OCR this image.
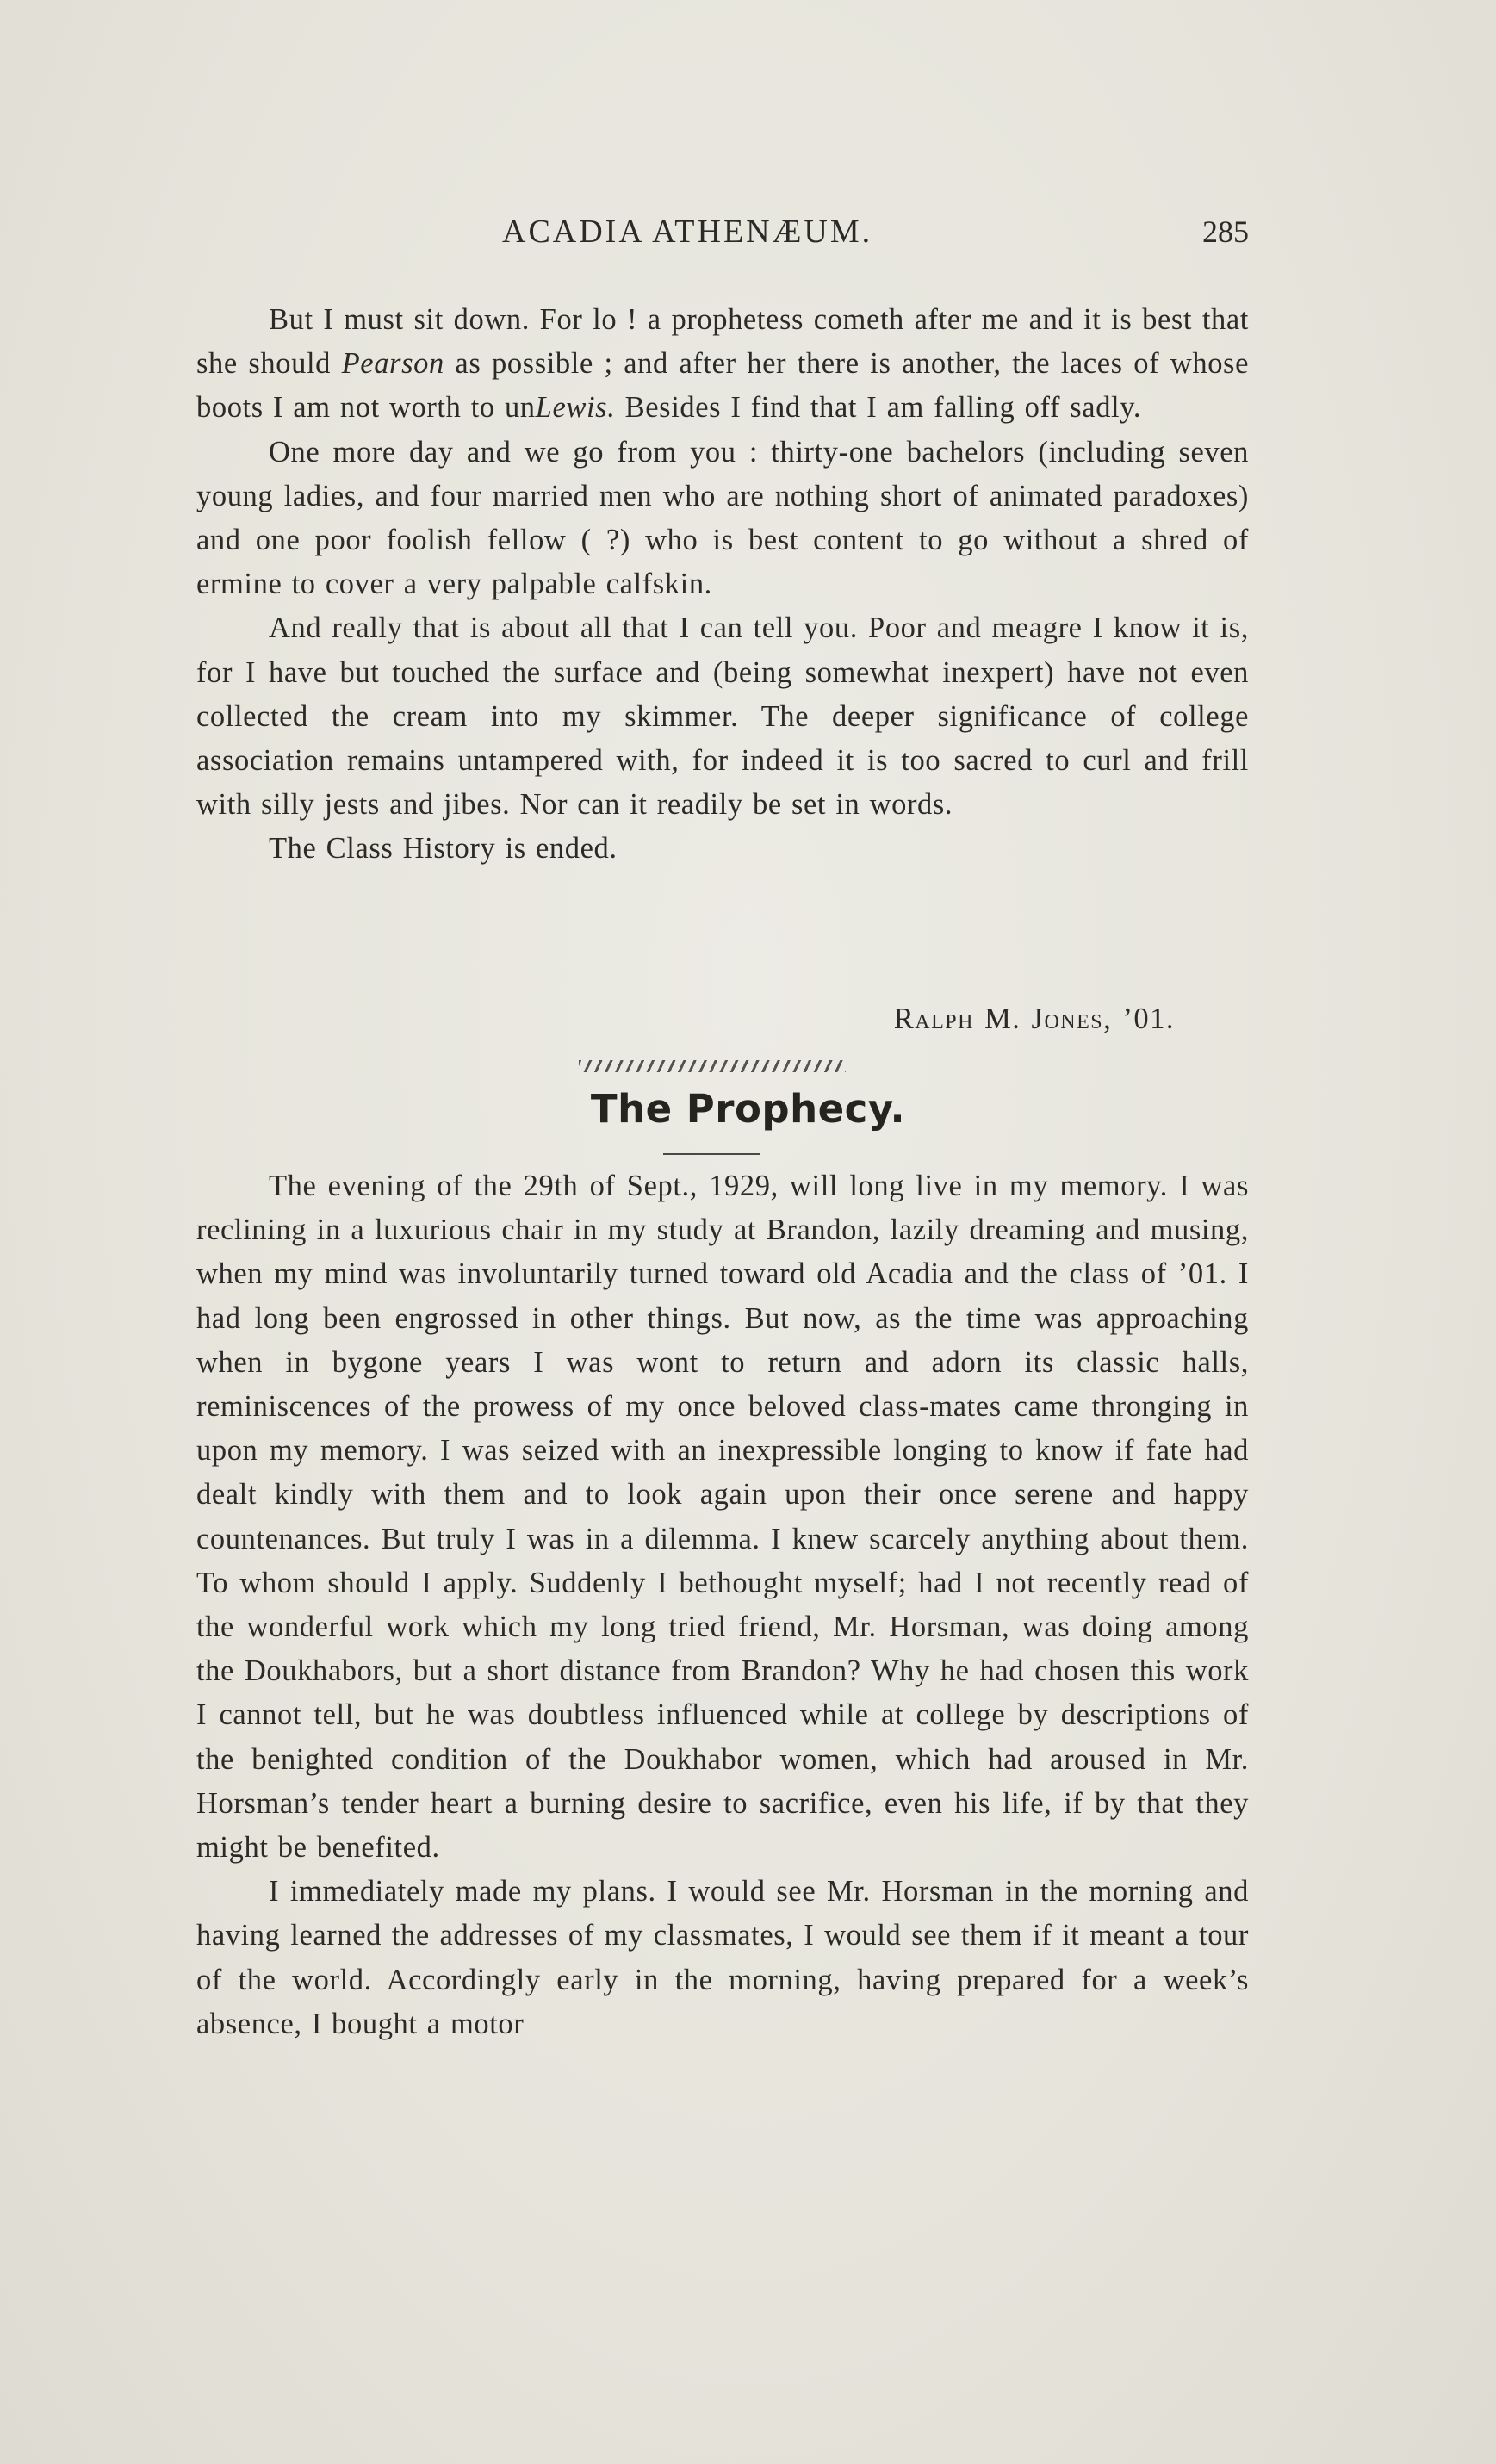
ACADIA ATHENÆUM.	285

But I must sit down. For lo ! a prophetess cometh after me and it is best that she should Pearson as possible ; and after her there is another, the laces of whose boots I am not worth to unLewis. Besides I find that I am falling off sadly.

One more day and we go from you : thirty-one bachelors (including seven young ladies, and four married men who are nothing short of animated paradoxes) and one poor foolish fellow ( ?) who is best content to go without a shred of ermine to cover a very palpable calfskin.

And really that is about all that I can tell you. Poor and meagre I know it is, for I have but touched the surface and (being somewhat inexpert) have not even collected the cream into my skimmer. The deeper significance of college association remains untampered with, for indeed it is too sacred to curl and frill with silly jests and jibes. Nor can it readily be set in words.

The Class History is ended.

Ralph M. Jones, ’01.
The Prophecy.

The evening of the 29th of Sept., 1929, will long live in my memory. I was reclining in a luxurious chair in my study at Brandon, lazily dreaming and musing, when my mind was involuntarily turned toward old Acadia and the class of ’01. I had long been engrossed in other things. But now, as the time was approaching when in bygone years I was wont to return and adorn its classic halls, reminiscences of the prowess of my once beloved class-mates came thronging in upon my memory. I was seized with an inexpressible longing to know if fate had dealt kindly with them and to look again upon their once serene and happy countenances. But truly I was in a dilemma. I knew scarcely anything about them. To whom should I apply. Suddenly I bethought myself; had I not recently read of the wonderful work which my long tried friend, Mr. Horsman, was doing among the Doukhabors, but a short distance from Brandon? Why he had chosen this work I cannot tell, but he was doubtless influenced while at college by descriptions of the benighted condition of the Doukhabor women, which had aroused in Mr. Horsman’s tender heart a burning desire to sacrifice, even his life, if by that they might be benefited.

I immediately made my plans. I would see Mr. Horsman in the morning and having learned the addresses of my classmates, I would see them if it meant a tour of the world. Accordingly early in the morning, having prepared for a week’s absence, I bought a motor
